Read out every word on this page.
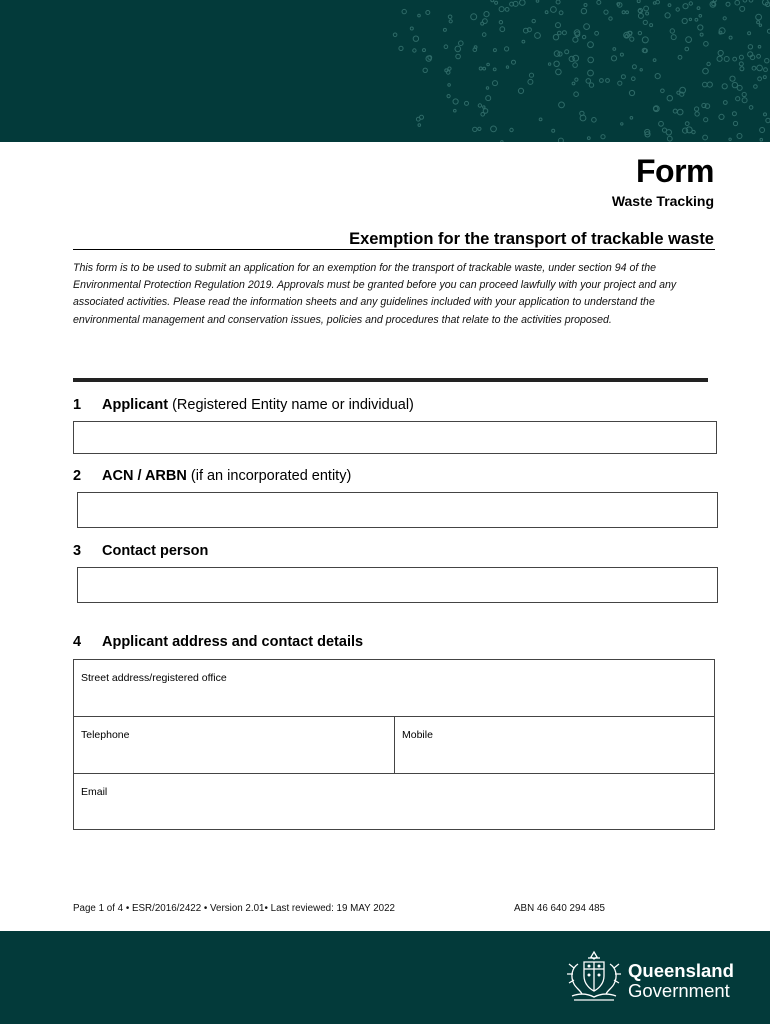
Form
Waste Tracking
Exemption for the transport of trackable waste

This form is to be used to submit an application for an exemption for the transport of trackable waste, under section 94 of the Environmental Protection Regulation 2019. Approvals must be granted before you can proceed lawfully with your project and any associated activities. Please read the information sheets and any guidelines included with your application to understand the environmental management and conservation issues, policies and procedures that relate to the activities proposed.

1 Applicant (Registered Entity name or individual)
2 ACN / ARBN (if an incorporated entity)
3 Contact person
4 Applicant address and contact details
Street address/registered office
Telephone	Mobile
Email
Page 1 of 4 • ESR/2016/2422 • Version 2.01• Last reviewed: 19 MAY 2022	ABN 46 640 294 485
Queensland
Government
